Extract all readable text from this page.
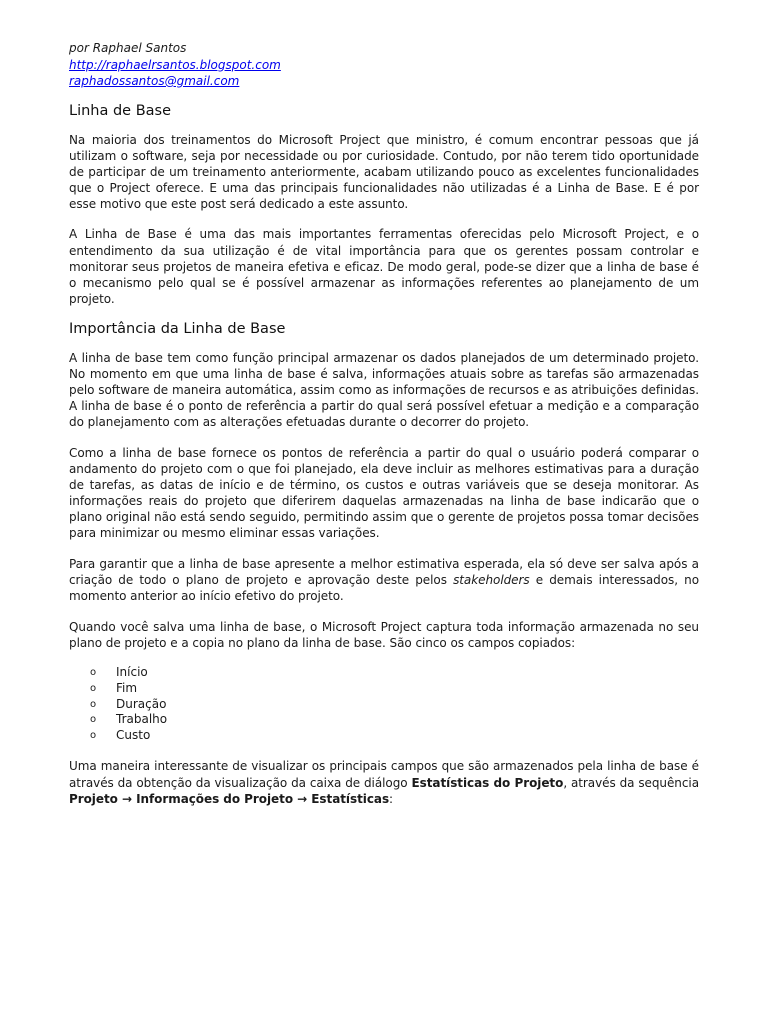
por Raphael Santos
http://raphaelrsantos.blogspot.com
raphadossantos@gmail.com
Linha de Base

Na maioria dos treinamentos do Microsoft Project que ministro, é comum encontrar pessoas que já utilizam o software, seja por necessidade ou por curiosidade. Contudo, por não terem tido oportunidade de participar de um treinamento anteriormente, acabam utilizando pouco as excelentes funcionalidades que o Project oferece. E uma das principais funcionalidades não utilizadas é a Linha de Base. E é por esse motivo que este post será dedicado a este assunto.

A Linha de Base é uma das mais importantes ferramentas oferecidas pelo Microsoft Project, e o entendimento da sua utilização é de vital importância para que os gerentes possam controlar e monitorar seus projetos de maneira efetiva e eficaz. De modo geral, pode-se dizer que a linha de base é o mecanismo pelo qual se é possível armazenar as informações referentes ao planejamento de um projeto.

Importância da Linha de Base

A linha de base tem como função principal armazenar os dados planejados de um determinado projeto. No momento em que uma linha de base é salva, informações atuais sobre as tarefas são armazenadas pelo software de maneira automática, assim como as informações de recursos e as atribuições definidas. A linha de base é o ponto de referência a partir do qual será possível efetuar a medição e a comparação do planejamento com as alterações efetuadas durante o decorrer do projeto.

Como a linha de base fornece os pontos de referência a partir do qual o usuário poderá comparar o andamento do projeto com o que foi planejado, ela deve incluir as melhores estimativas para a duração de tarefas, as datas de início e de término, os custos e outras variáveis que se deseja monitorar. As informações reais do projeto que diferirem daquelas armazenadas na linha de base indicarão que o plano original não está sendo seguido, permitindo assim que o gerente de projetos possa tomar decisões para minimizar ou mesmo eliminar essas variações.

Para garantir que a linha de base apresente a melhor estimativa esperada, ela só deve ser salva após a criação de todo o plano de projeto e aprovação deste pelos stakeholders e demais interessados, no momento anterior ao início efetivo do projeto.

Quando você salva uma linha de base, o Microsoft Project captura toda informação armazenada no seu plano de projeto e a copia no plano da linha de base. São cinco os campos copiados:

o Início
o Fim
o Duração
o Trabalho
o Custo

Uma maneira interessante de visualizar os principais campos que são armazenados pela linha de base é através da obtenção da visualização da caixa de diálogo Estatísticas do Projeto, através da sequência Projeto → Informações do Projeto → Estatísticas:
